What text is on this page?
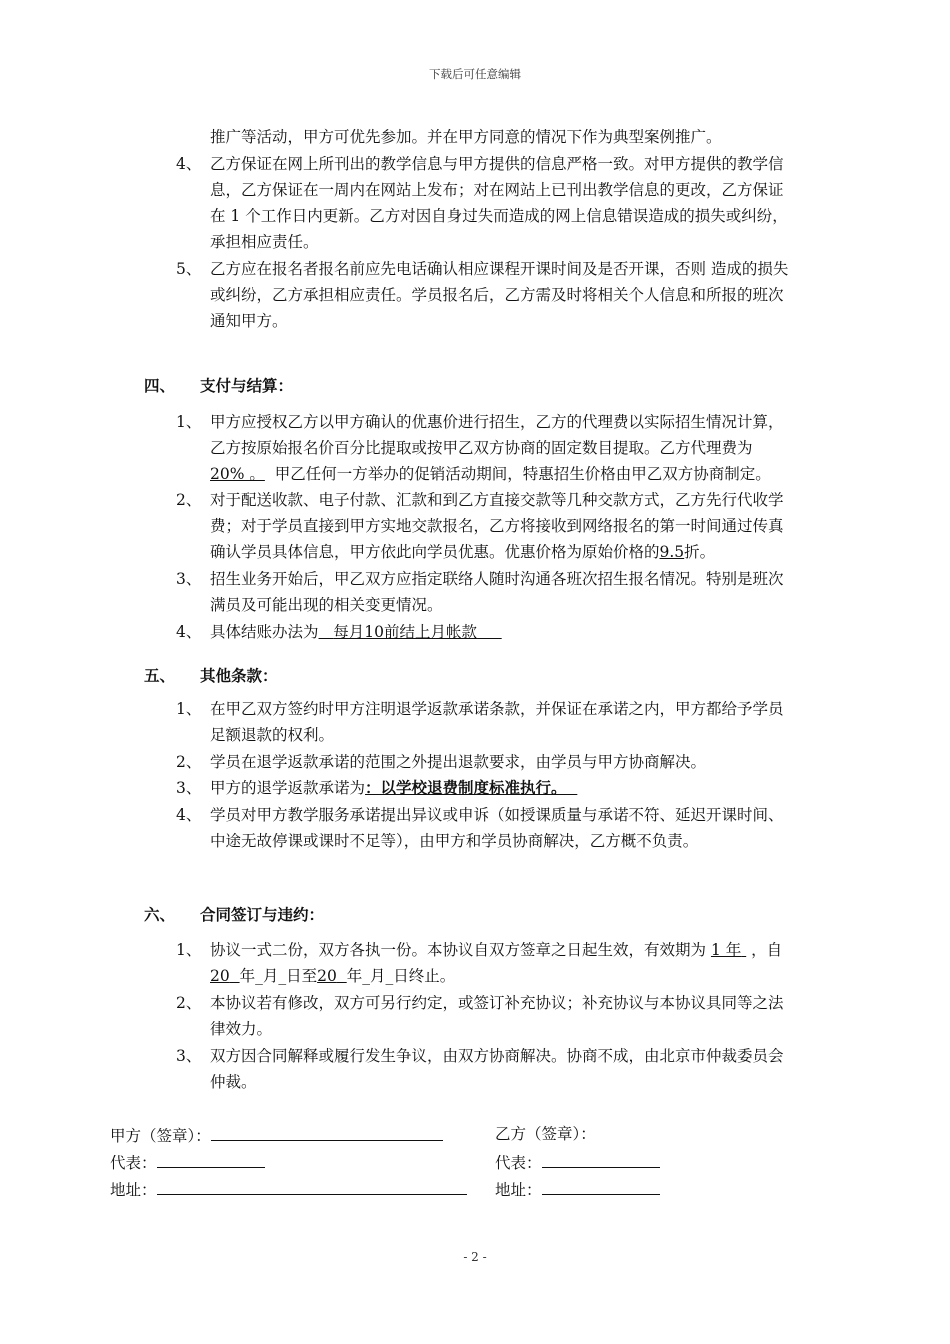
下载后可任意编辑
推广等活动，甲方可优先参加。并在甲方同意的情况下作为典型案例推广。
4、 乙方保证在网上所刊出的教学信息与甲方提供的信息严格一致。对甲方提供的教学信
息，乙方保证在一周内在网站上发布；对在网站上已刊出教学信息的更改，乙方保证
在 1 个工作日内更新。乙方对因自身过失而造成的网上信息错误造成的损失或纠纷，
承担相应责任。
5、 乙方应在报名者报名前应先电话确认相应课程开课时间及是否开课，否则 造成的损失
或纠纷，乙方承担相应责任。学员报名后，乙方需及时将相关个人信息和所报的班次
通知甲方。
四、 支付与结算：
1、 甲方应授权乙方以甲方确认的优惠价进行招生，乙方的代理费以实际招生情况计算，
乙方按原始报名价百分比提取或按甲乙双方协商的固定数目提取。乙方代理费为
20% 。 甲乙任何一方举办的促销活动期间，特惠招生价格由甲乙双方协商制定。
2、 对于配送收款、电子付款、汇款和到乙方直接交款等几种交款方式，乙方先行代收学
费；对于学员直接到甲方实地交款报名，乙方将接收到网络报名的第一时间通过传真
确认学员具体信息，甲方依此向学员优惠。优惠价格为原始价格的9.5折。
3、 招生业务开始后，甲乙双方应指定联络人随时沟通各班次招生报名情况。特别是班次
满员及可能出现的相关变更情况。
4、 具体结账办法为 每月10前结上月帐款
五、 其他条款：
1、 在甲乙双方签约时甲方注明退学返款承诺条款，并保证在承诺之内，甲方都给予学员
足额退款的权利。
2、 学员在退学返款承诺的范围之外提出退款要求，由学员与甲方协商解决。
3、 甲方的退学返款承诺为：以学校退费制度标准执行。
4、 学员对甲方教学服务承诺提出异议或申诉（如授课质量与承诺不符、延迟开课时间、
中途无故停课或课时不足等），由甲方和学员协商解决，乙方概不负责。
六、 合同签订与违约：
1、 协议一式二份，双方各执一份。本协议自双方签章之日起生效，有效期为 1 年 ，自
20 年_月_日至20 年_月_日终止。
2、 本协议若有修改，双方可另行约定，或签订补充协议；补充协议与本协议具同等之法
律效力。
3、 双方因合同解释或履行发生争议，由双方协商解决。协商不成，由北京市仲裁委员会
仲裁。
甲方（签章）：	乙方（签章）：
代表：	代表：
地址：	地址：
- 2 -
